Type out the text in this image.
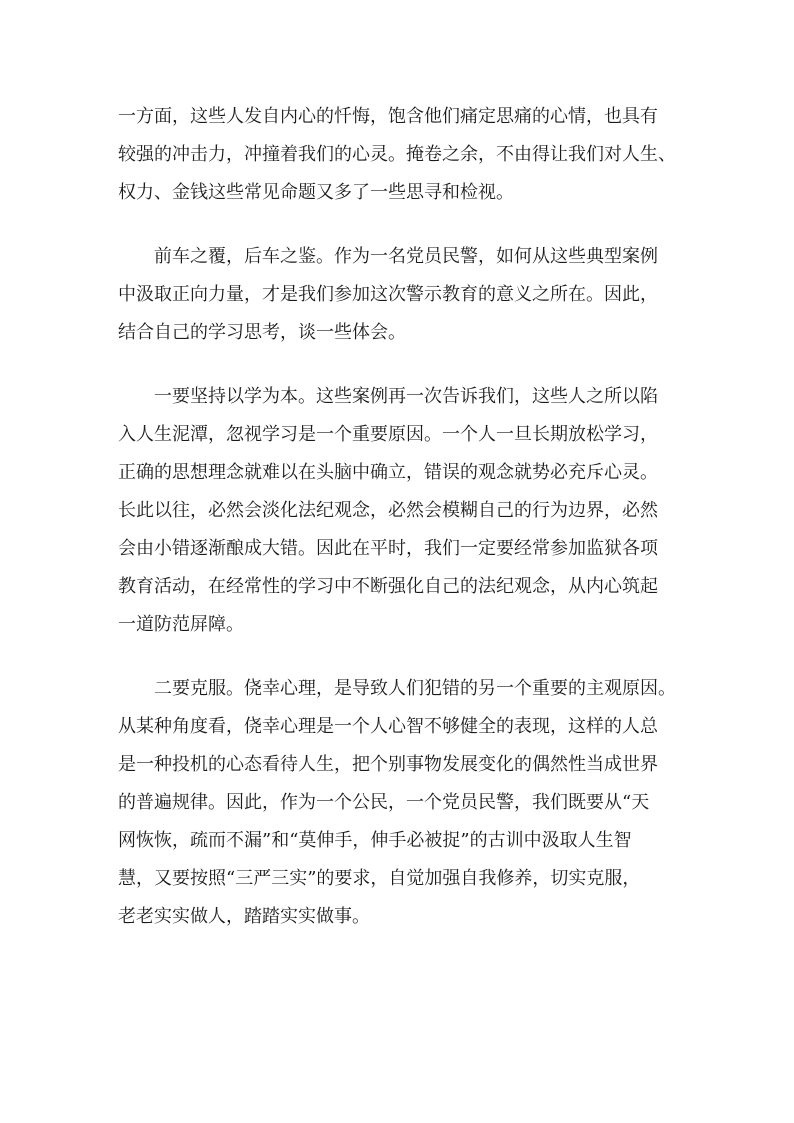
一方面，这些人发自内心的忏悔，饱含他们痛定思痛的心情，也具有
较强的冲击力，冲撞着我们的心灵。掩卷之余，不由得让我们对人生、
权力、金钱这些常见命题又多了一些思寻和检视。

前车之覆，后车之鉴。作为一名党员民警，如何从这些典型案例
中汲取正向力量，才是我们参加这次警示教育的意义之所在。因此，
结合自己的学习思考，谈一些体会。

一要坚持以学为本。这些案例再一次告诉我们，这些人之所以陷
入人生泥潭，忽视学习是一个重要原因。一个人一旦长期放松学习，
正确的思想理念就难以在头脑中确立，错误的观念就势必充斥心灵。
长此以往，必然会淡化法纪观念，必然会模糊自己的行为边界，必然
会由小错逐渐酿成大错。因此在平时，我们一定要经常参加监狱各项
教育活动，在经常性的学习中不断强化自己的法纪观念，从内心筑起
一道防范屏障。

二要克服。侥幸心理，是导致人们犯错的另一个重要的主观原因。
从某种角度看，侥幸心理是一个人心智不够健全的表现，这样的人总
是一种投机的心态看待人生，把个别事物发展变化的偶然性当成世界
的普遍规律。因此，作为一个公民，一个党员民警，我们既要从“天
网恢恢，疏而不漏”和“莫伸手，伸手必被捉”的古训中汲取人生智
慧，又要按照“三严三实”的要求，自觉加强自我修养，切实克服，
老老实实做人，踏踏实实做事。
